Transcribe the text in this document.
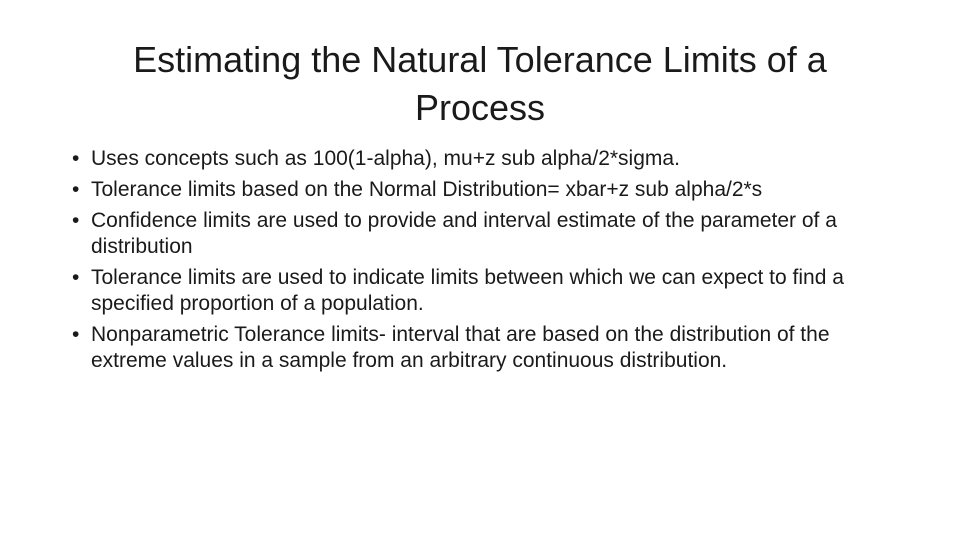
Estimating the Natural Tolerance Limits of a Process
• Uses concepts such as 100(1-alpha), mu+z sub alpha/2*sigma.
• Tolerance limits based on the Normal Distribution= xbar+z sub alpha/2*s
• Confidence limits are used to provide and interval estimate of the parameter of a distribution
• Tolerance limits are used to indicate limits between which we can expect to find a specified proportion of a population.
• Nonparametric Tolerance limits- interval that are based on the distribution of the extreme values in a sample from an arbitrary continuous distribution.
